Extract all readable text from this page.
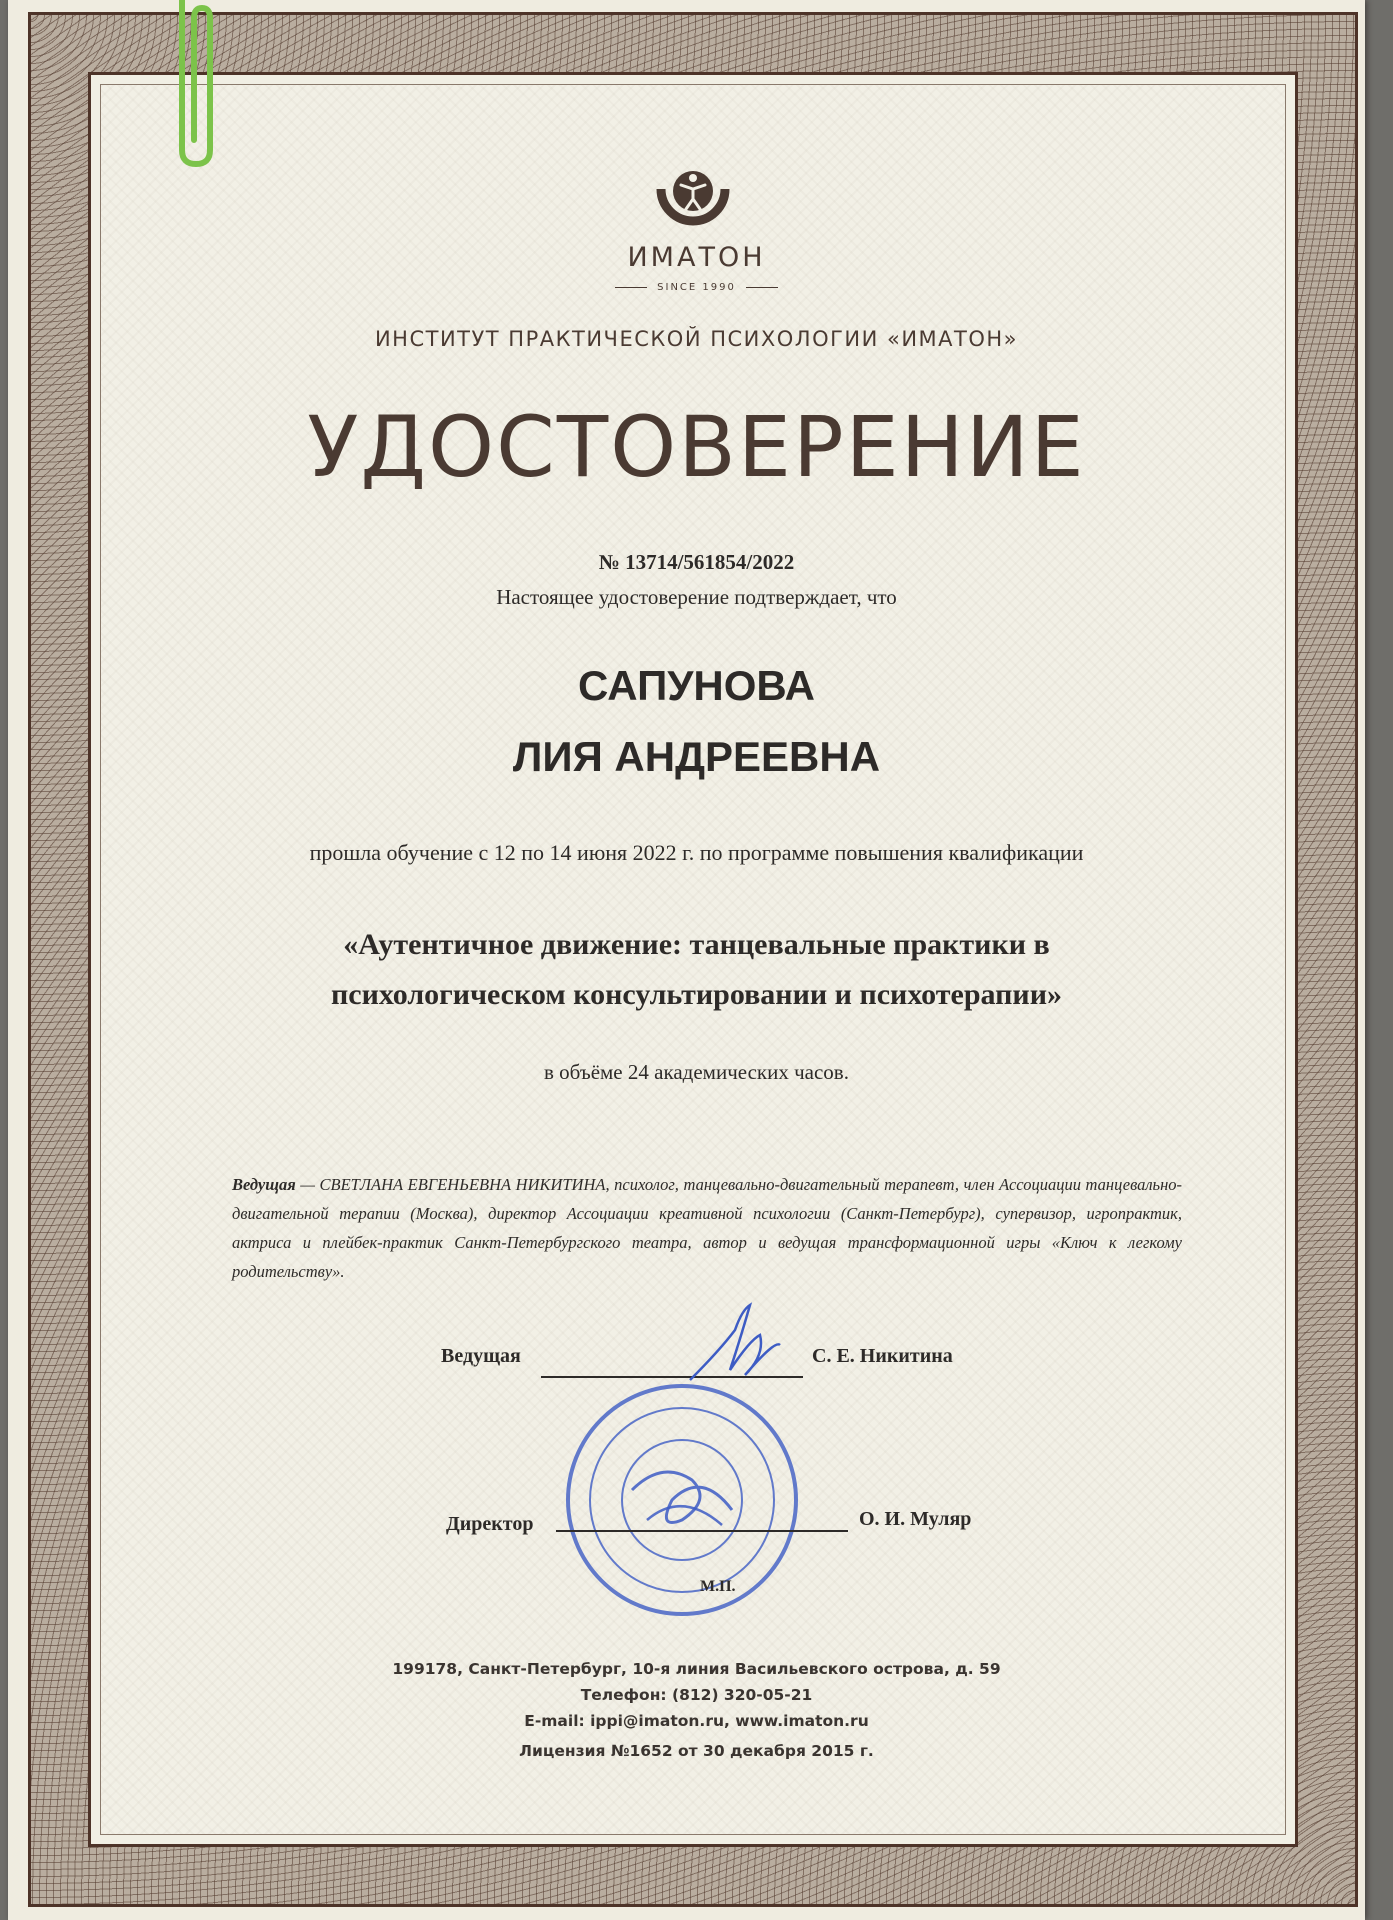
ИМАТОН
SINCE 1990
ИНСТИТУТ ПРАКТИЧЕСКОЙ ПСИХОЛОГИИ «ИМАТОН»
УДОСТОВЕРЕНИЕ
№ 13714/561854/2022
Настоящее удостоверение подтверждает, что
САПУНОВА
ЛИЯ АНДРЕЕВНА
прошла обучение с 12 по 14 июня 2022 г. по программе повышения квалификации
«Аутентичное движение: танцевальные практики в
психологическом консультировании и психотерапии»
в объёме 24 академических часов.
Ведущая — СВЕТЛАНА ЕВГЕНЬЕВНА НИКИТИНА, психолог, танцевально-двигательный терапевт, член Ассоциации танцевально-двигательной терапии (Москва), директор Ассоциации креативной психологии (Санкт-Петербург), супервизор, игропрактик, актриса и плейбек-практик Санкт-Петербургского театра, автор и ведущая трансформационной игры «Ключ к легкому родительству».
Ведущая	С. Е. Никитина
Директор	О. И. Муляр
М.П.
199178, Санкт-Петербург, 10-я линия Васильевского острова, д. 59
Телефон: (812) 320-05-21
E-mail: ippi@imaton.ru, www.imaton.ru
Лицензия №1652 от 30 декабря 2015 г.
